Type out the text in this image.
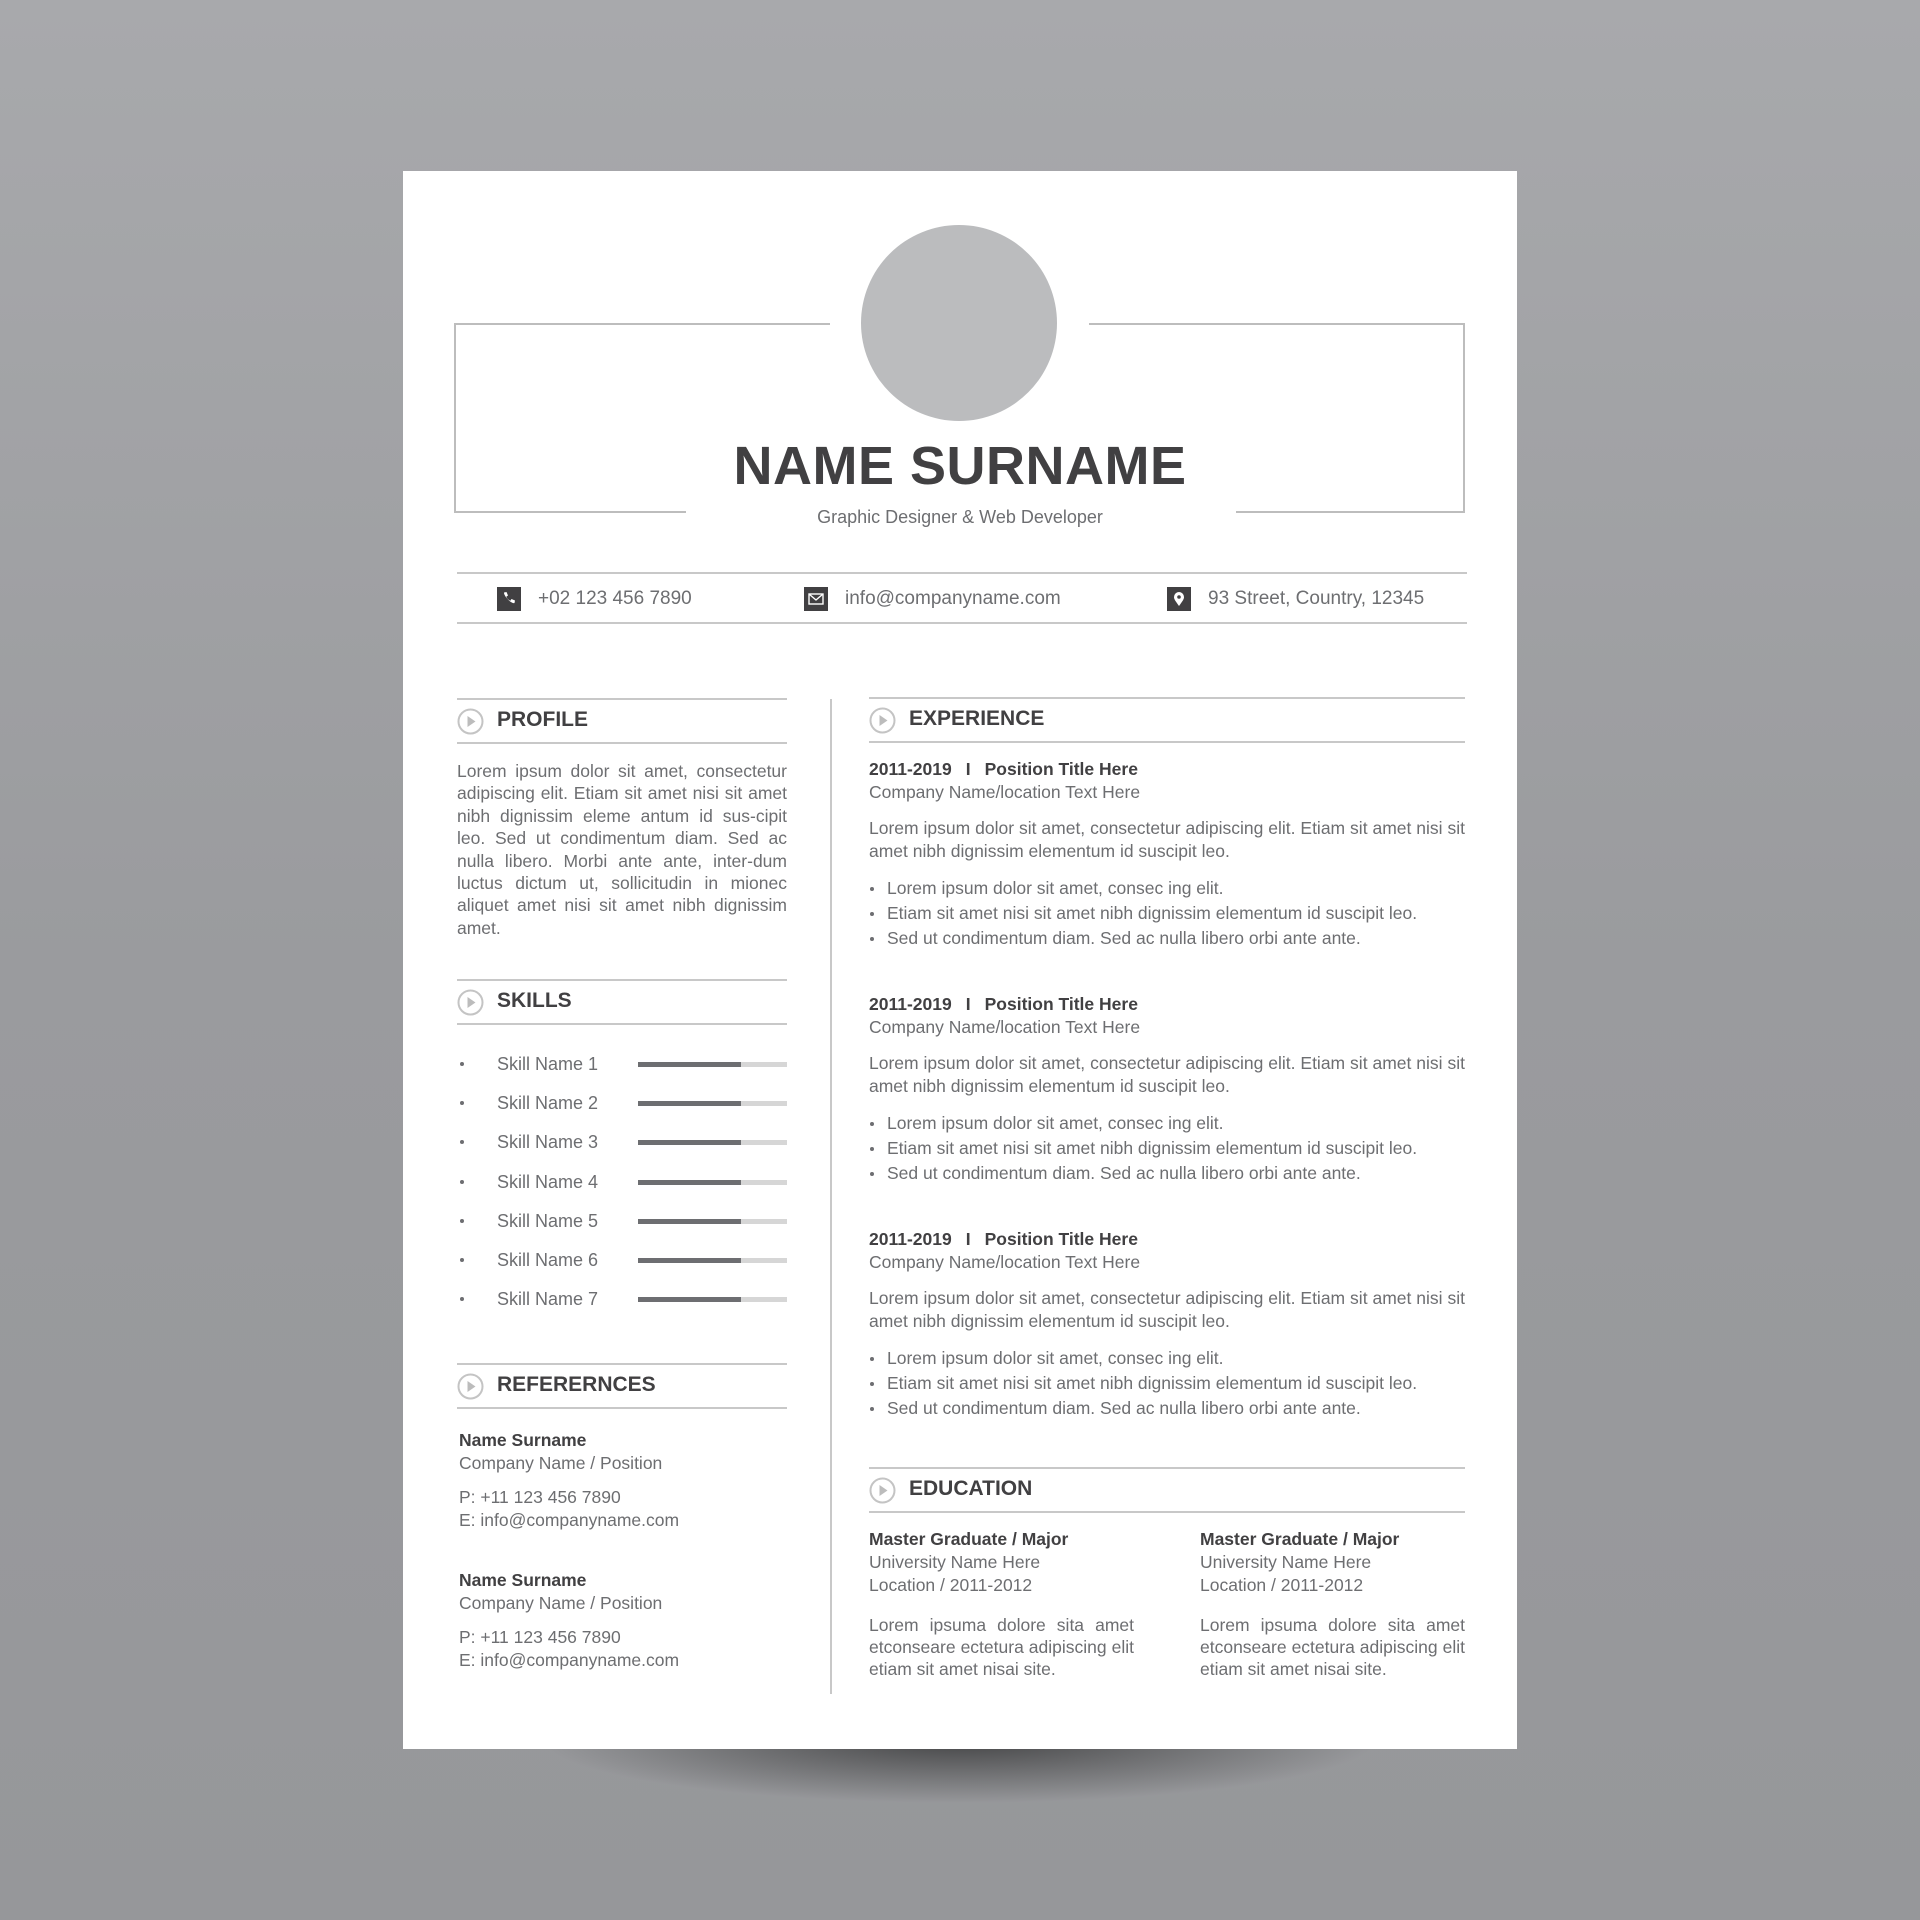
NAME SURNAME
Graphic Designer & Web Developer
+02 123 456 7890	info@companyname.com	93 Street, Country, 12345
PROFILE
Lorem ipsum dolor sit amet, consectetur adipiscing elit. Etiam sit amet nisi sit amet nibh dignissim eleme antum id sus-cipit leo. Sed ut condimentum diam. Sed ac nulla libero. Morbi ante ante, inter-dum luctus dictum ut, sollicitudin in mionec aliquet amet nisi sit amet nibh dignissim amet.
SKILLS
Skill Name 1
Skill Name 2
Skill Name 3
Skill Name 4
Skill Name 5
Skill Name 6
Skill Name 7
REFERERNCES
Name Surname
Company Name / Position
P: +11 123 456 7890
E: info@companyname.com
Name Surname
Company Name / Position
P: +11 123 456 7890
E: info@companyname.com
EXPERIENCE
2011-2019 I Position Title Here
Company Name/location Text Here
Lorem ipsum dolor sit amet, consectetur adipiscing elit. Etiam sit amet nisi sit amet nibh dignissim elementum id suscipit leo.
Lorem ipsum dolor sit amet, consec ing elit.
Etiam sit amet nisi sit amet nibh dignissim elementum id suscipit leo.
Sed ut condimentum diam. Sed ac nulla libero orbi ante ante.
2011-2019 I Position Title Here
Company Name/location Text Here
Lorem ipsum dolor sit amet, consectetur adipiscing elit. Etiam sit amet nisi sit amet nibh dignissim elementum id suscipit leo.
Lorem ipsum dolor sit amet, consec ing elit.
Etiam sit amet nisi sit amet nibh dignissim elementum id suscipit leo.
Sed ut condimentum diam. Sed ac nulla libero orbi ante ante.
2011-2019 I Position Title Here
Company Name/location Text Here
Lorem ipsum dolor sit amet, consectetur adipiscing elit. Etiam sit amet nisi sit amet nibh dignissim elementum id suscipit leo.
Lorem ipsum dolor sit amet, consec ing elit.
Etiam sit amet nisi sit amet nibh dignissim elementum id suscipit leo.
Sed ut condimentum diam. Sed ac nulla libero orbi ante ante.
EDUCATION
Master Graduate / Major
University Name Here
Location / 2011-2012
Lorem ipsuma dolore sita amet etconseare ectetura adipiscing elit etiam sit amet nisai site.
Master Graduate / Major
University Name Here
Location / 2011-2012
Lorem ipsuma dolore sita amet etconseare ectetura adipiscing elit etiam sit amet nisai site.
